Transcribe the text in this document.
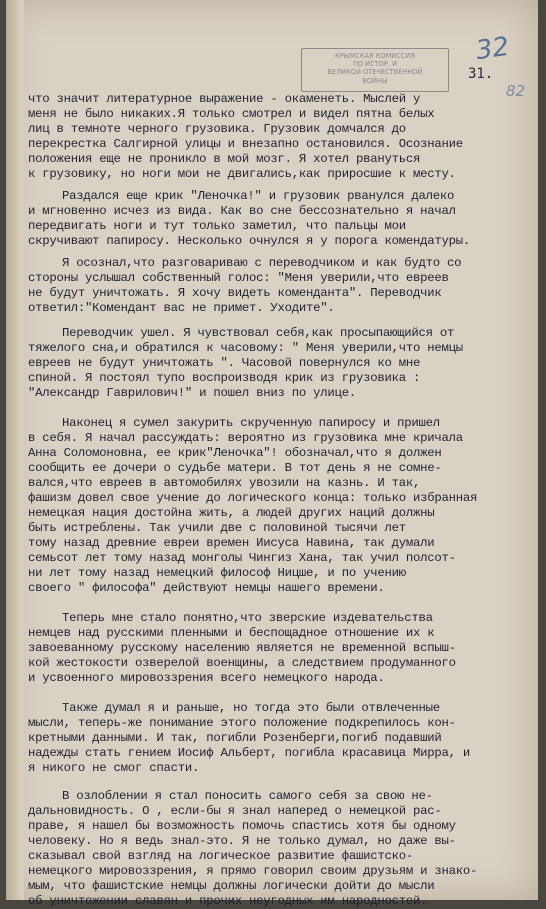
КРЫМСКАЯ КОМИССИЯ
ПО ИСТОР. И
ВЕЛИКОЙ ОТЕЧЕСТВЕННОЙ
ВОЙНЫ
32
31.
82
что значит литературное выражение - окаменеть. Мыслей у
меня не было никаких.Я только смотрел и видел пятна белых
лиц в темноте черного грузовика. Грузовик домчался до
перекрестка Салгирной улицы и внезапно остановился. Осознание
положения еще не проникло в мой мозг. Я хотел рвануться
к грузовику, но ноги мои не двигались,как приросшие к месту.
Раздался еще крик "Леночка!" и грузовик рванулся далеко
и мгновенно исчез из вида. Как во сне бессознательно я начал
передвигать ноги и тут только заметил, что пальцы мои
скручивают папиросу. Несколько очнулся я у порога комендатуры.
Я осознал,что разговариваю с переводчиком и как будто со
стороны услышал собственный голос: "Меня уверили,что евреев
не будут уничтожать. Я хочу видеть коменданта". Переводчик
ответил:"Комендант вас не примет. Уходите".
Переводчик ушел. Я чувствовал себя,как просыпающийся от
тяжелого сна,и обратился к часовому: " Меня уверили,что немцы
евреев не будут уничтожать ". Часовой повернулся ко мне
спиной. Я постоял тупо воспроизводя крик из грузовика :
"Александр Гаврилович!" и пошел вниз по улице.
Наконец я сумел закурить скрученную папиросу и пришел
в себя. Я начал рассуждать: вероятно из грузовика мне кричала
Анна Соломоновна, ее крик"Леночка"! обозначал,что я должен
сообщить ее дочери о судьбе матери. В тот день я не сомне-
вался,что евреев в автомобилях увозили на казнь. И так,
фашизм довел свое учение до логического конца: только избранная
немецкая нация достойна жить, а людей других наций должны
быть истреблены. Так учили две с половиной тысячи лет
тому назад древние евреи времен Иисуса Навина, так думали
семьсот лет тому назад монголы Чингиз Хана, так учил полсот-
ни лет тому назад немецкий философ Ницше, и по учению
своего " философа" действуют немцы нашего времени.
Теперь мне стало понятно,что зверские издевательства
немцев над русскими пленными и беспощадное отношение их к
завоеванному русскому населению является не временной вспыш-
кой жестокости озверелой военщины, а следствием продуманного
и усвоенного мировоззрения всего немецкого народа.
Также думал я и раньше, но тогда это были отвлеченные
мысли, теперь-же понимание этого положение подкрепилось кон-
кретными данными. И так, погибли Розенберги,погиб подавший
надежды стать гением Иосиф Альберт, погибла красавица Мирра, и
я никого не смог спасти.
В озлоблении я стал поносить самого себя за свою не-
дальновидность. О , если-бы я знал наперед о немецкой рас-
праве, я нашел бы возможность помочь спастись хотя бы одному
человеку. Но я ведь знал-это. Я не только думал, но даже вы-
сказывал свой взгляд на логическое развитие фашистско-
немецкого мировоззрения, я прямо говорил своим друзьям и знако-
мым, что фашистские немцы должны логически дойти до мысли
об уничтожении славян и прочих неугодных им народностей.
